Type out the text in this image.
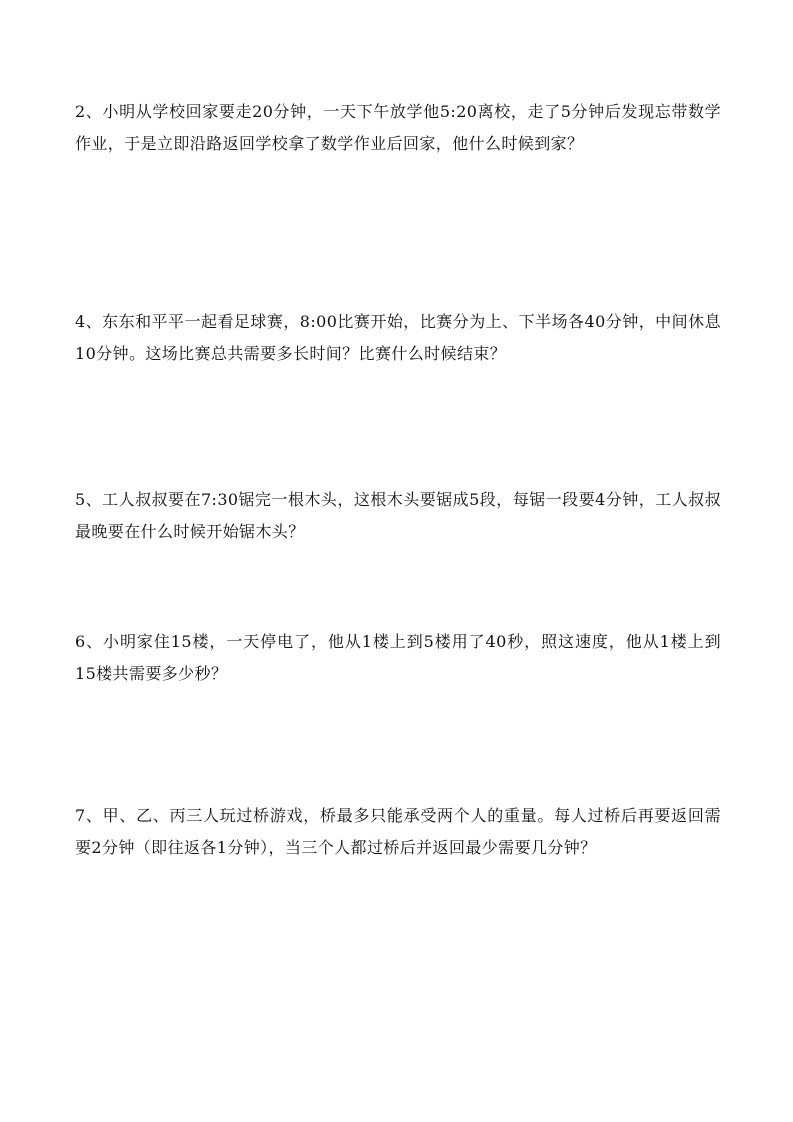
2、小明从学校回家要走20分钟，一天下午放学他5:20离校，走了5分钟后发现忘带数学作业，于是立即沿路返回学校拿了数学作业后回家，他什么时候到家？

4、东东和平平一起看足球赛，8:00比赛开始，比赛分为上、下半场各40分钟，中间休息10分钟。这场比赛总共需要多长时间？比赛什么时候结束？

5、工人叔叔要在7:30锯完一根木头，这根木头要锯成5段，每锯一段要4分钟，工人叔叔最晚要在什么时候开始锯木头？

6、小明家住15楼，一天停电了，他从1楼上到5楼用了40秒，照这速度，他从1楼上到15楼共需要多少秒？

7、甲、乙、丙三人玩过桥游戏，桥最多只能承受两个人的重量。每人过桥后再要返回需要2分钟（即往返各1分钟），当三个人都过桥后并返回最少需要几分钟？
